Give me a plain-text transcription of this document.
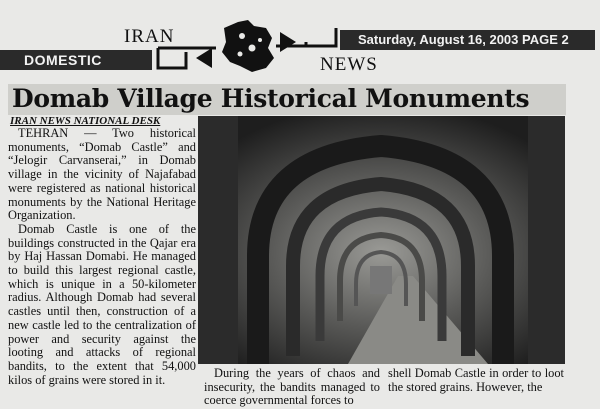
DOMESTIC
Saturday, August 16, 2003 PAGE 2
IRAN
NEWS
Domab Village Historical Monuments
IRAN NEWS NATIONAL DESK

TEHRAN — Two historical monuments, “Domab Castle” and “Jelogir Carvanserai,” in Domab village in the vicinity of Najafabad were registered as national historical monuments by the National Heritage Organization.

Domab Castle is one of the buildings constructed in the Qajar era by Haj Hassan Domabi. He managed to build this largest regional castle, which is unique in a 50-kilometer radius. Although Domab had several castles until then, construction of a new castle led to the centralization of power and security against the looting and attacks of regional bandits, to the extent that 54,000 kilos of grains were stored in it.	During the years of chaos and insecurity, the bandits managed to coerce governmental forces to
shell Domab Castle in order to loot the stored grains. However, the
